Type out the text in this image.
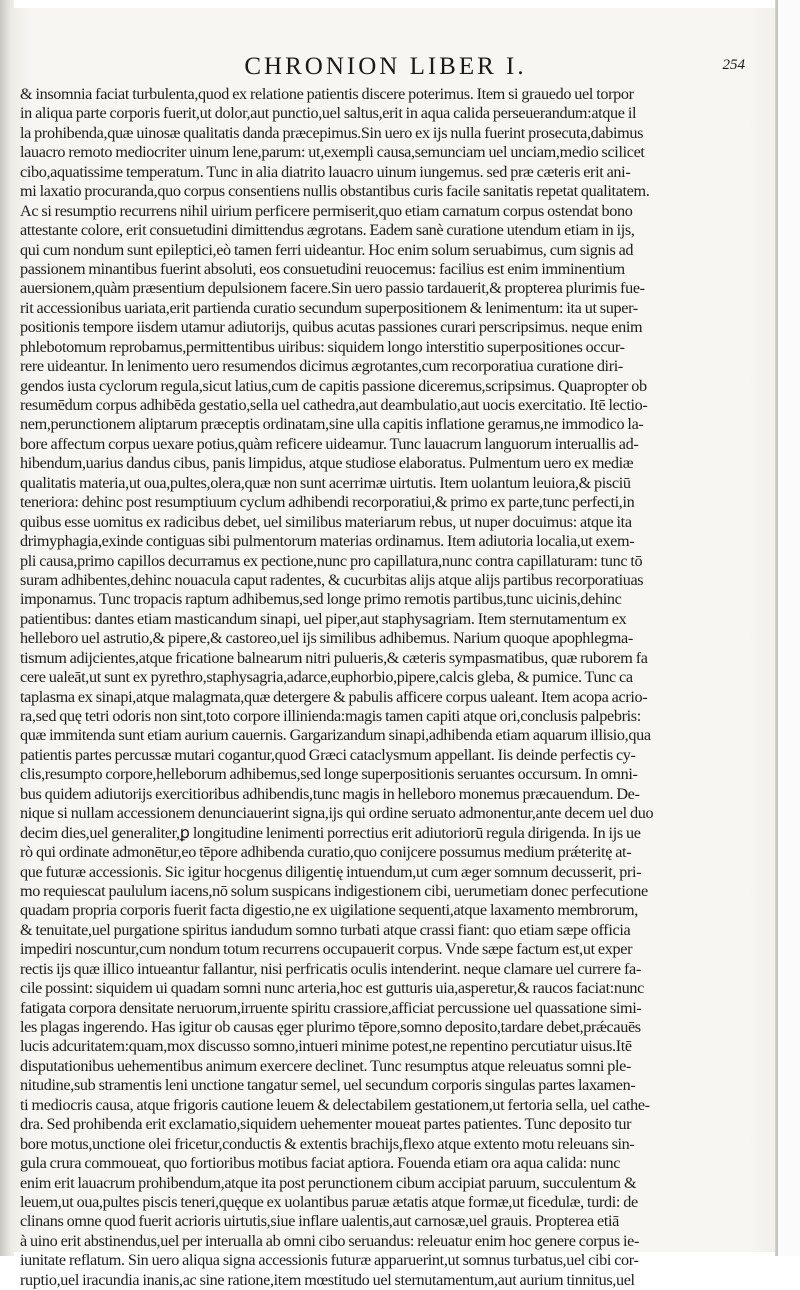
CHRONION LIBER I.	254
& insomnia faciat turbulenta,quod ex relatione patientis discere poterimus. Item si grauedo uel torpor
in aliqua parte corporis fuerit,ut dolor,aut punctio,uel saltus,erit in aqua calida perseuerandum:atque il
la prohibenda,quæ uinosæ qualitatis danda præcepimus.Sin uero ex ijs nulla fuerint prosecuta,dabimus
lauacro remoto mediocriter uinum lene,parum: ut,exempli causa,semunciam uel unciam,medio scilicet
cibo,aquatissime temperatum. Tunc in alia diatrito lauacro uinum iungemus. sed præ cæteris erit ani-
mi laxatio procuranda,quo corpus consentiens nullis obstantibus curis facile sanitatis repetat qualitatem.
Ac si resumptio recurrens nihil uirium perficere permiserit,quo etiam carnatum corpus ostendat bono
attestante colore, erit consuetudini dimittendus ægrotans. Eadem sanè curatione utendum etiam in ijs,
qui cum nondum sunt epileptici,eò tamen ferri uideantur. Hoc enim solum seruabimus, cum signis ad
passionem minantibus fuerint absoluti, eos consuetudini reuocemus: facilius est enim imminentium
auersionem,quàm præsentium depulsionem facere.Sin uero passio tardauerit,& propterea plurimis fue-
rit accessionibus uariata,erit partienda curatio secundum superpositionem & lenimentum: ita ut super-
positionis tempore iisdem utamur adiutorijs, quibus acutas passiones curari perscripsimus. neque enim
phlebotomum reprobamus,permittentibus uiribus: siquidem longo interstitio superpositiones occur-
rere uideantur. In lenimento uero resumendos dicimus ægrotantes,cum recorporatiua curatione diri-
gendos iusta cyclorum regula,sicut latius,cum de capitis passione diceremus,scripsimus. Quapropter ob
resumēdum corpus adhibēda gestatio,sella uel cathedra,aut deambulatio,aut uocis exercitatio. Itē lectio-
nem,perunctionem aliptarum præceptis ordinatam,sine ulla capitis inflatione geramus,ne immodico la-
bore affectum corpus uexare potius,quàm reficere uideamur. Tunc lauacrum languorum interuallis ad-
hibendum,uarius dandus cibus, panis limpidus, atque studiose elaboratus. Pulmentum uero ex mediæ
qualitatis materia,ut oua,pultes,olera,quæ non sunt acerrimæ uirtutis. Item uolantum leuiora,& pisciū
teneriora: dehinc post resumptiuum cyclum adhibendi recorporatiui,& primo ex parte,tunc perfecti,in
quibus esse uomitus ex radicibus debet, uel similibus materiarum rebus, ut nuper docuimus: atque ita
drimyphagia,exinde contiguas sibi pulmentorum materias ordinamus. Item adiutoria localia,ut exem-
pli causa,primo capillos decurramus ex pectione,nunc pro capillatura,nunc contra capillaturam: tunc tō
suram adhibentes,dehinc nouacula caput radentes, & cucurbitas alijs atque alijs partibus recorporatiuas
imponamus. Tunc tropacis raptum adhibemus,sed longe primo remotis partibus,tunc uicinis,dehinc
patientibus: dantes etiam masticandum sinapi, uel piper,aut staphysagriam. Item sternutamentum ex
helleboro uel astrutio,& pipere,& castoreo,uel ijs similibus adhibemus. Narium quoque apophlegma-
tismum adijcientes,atque fricatione balnearum nitri pulueris,& cæteris sympasmatibus, quæ ruborem fa
cere ualeāt,ut sunt ex pyrethro,staphysagria,adarce,euphorbio,pipere,calcis gleba, & pumice. Tunc ca
taplasma ex sinapi,atque malagmata,quæ detergere & pabulis afficere corpus ualeant. Item acopa acrio-
ra,sed quę tetri odoris non sint,toto corpore illinienda:magis tamen capiti atque ori,conclusis palpebris:
quæ immitenda sunt etiam aurium cauernis. Gargarizandum sinapi,adhibenda etiam aquarum illisio,qua
patientis partes percussæ mutari cogantur,quod Græci cataclysmum appellant. Iis deinde perfectis cy-
clis,resumpto corpore,helleborum adhibemus,sed longe superpositionis seruantes occursum. In omni-
bus quidem adiutorijs exercitioribus adhibendis,tunc magis in helleboro monemus præcauendum. De-
nique si nullam accessionem denunciauerint signa,ijs qui ordine seruato admonentur,ante decem uel duo
decim dies,uel generaliter,ꝑ longitudine lenimenti porrectius erit adiutoriorū regula dirigenda. In ijs ue
rò qui ordinate admonētur,eo tēpore adhibenda curatio,quo conijcere possumus medium prǽteritę at-
que futuræ accessionis. Sic igitur hocgenus diligentię intuendum,ut cum æger somnum decusserit, pri-
mo requiescat paululum iacens,nō solum suspicans indigestionem cibi, uerumetiam donec perfecutione
quadam propria corporis fuerit facta digestio,ne ex uigilatione sequenti,atque laxamento membrorum,
& tenuitate,uel purgatione spiritus iandudum somno turbati atque crassi fiant: quo etiam sæpe officia
impediri noscuntur,cum nondum totum recurrens occupauerit corpus. Vnde sæpe factum est,ut exper
rectis ijs quæ illico intueantur fallantur, nisi perfricatis oculis intenderint. neque clamare uel currere fa-
cile possint: siquidem ui quadam somni nunc arteria,hoc est gutturis uia,asperetur,& raucos faciat:nunc
fatigata corpora densitate neruorum,irruente spiritu crassiore,afficiat percussione uel quassatione simi-
les plagas ingerendo. Has igitur ob causas ęger plurimo tēpore,somno deposito,tardare debet,prǽcauēs
lucis adcuritatem:quam,mox discusso somno,intueri minime potest,ne repentino percutiatur uisus.Itē
disputationibus uehementibus animum exercere declinet. Tunc resumptus atque releuatus somni ple-
nitudine,sub stramentis leni unctione tangatur semel, uel secundum corporis singulas partes laxamen-
ti mediocris causa, atque frigoris cautione leuem & delectabilem gestationem,ut fertoria sella, uel cathe-
dra. Sed prohibenda erit exclamatio,siquidem uehementer moueat partes patientes. Tunc deposito tur
bore motus,unctione olei fricetur,conductis & extentis brachijs,flexo atque extento motu releuans sin-
gula crura commoueat, quo fortioribus motibus faciat aptiora. Fouenda etiam ora aqua calida: nunc
enim erit lauacrum prohibendum,atque ita post perunctionem cibum accipiat paruum, succulentum &
leuem,ut oua,pultes piscis teneri,quęque ex uolantibus paruæ ætatis atque formæ,ut ficedulæ, turdi: de
clinans omne quod fuerit acrioris uirtutis,siue inflare ualentis,aut carnosæ,uel grauis. Propterea etiā
à uino erit abstinendus,uel per interualla ab omni cibo seruandus: releuatur enim hoc genere corpus ie-
iunitate reflatum. Sin uero aliqua signa accessionis futuræ apparuerint,ut somnus turbatus,uel cibi cor-
ruptio,uel iracundia inanis,ac sine ratione,item mœstitudo uel sternutamentum,aut aurium tinnitus,uel
